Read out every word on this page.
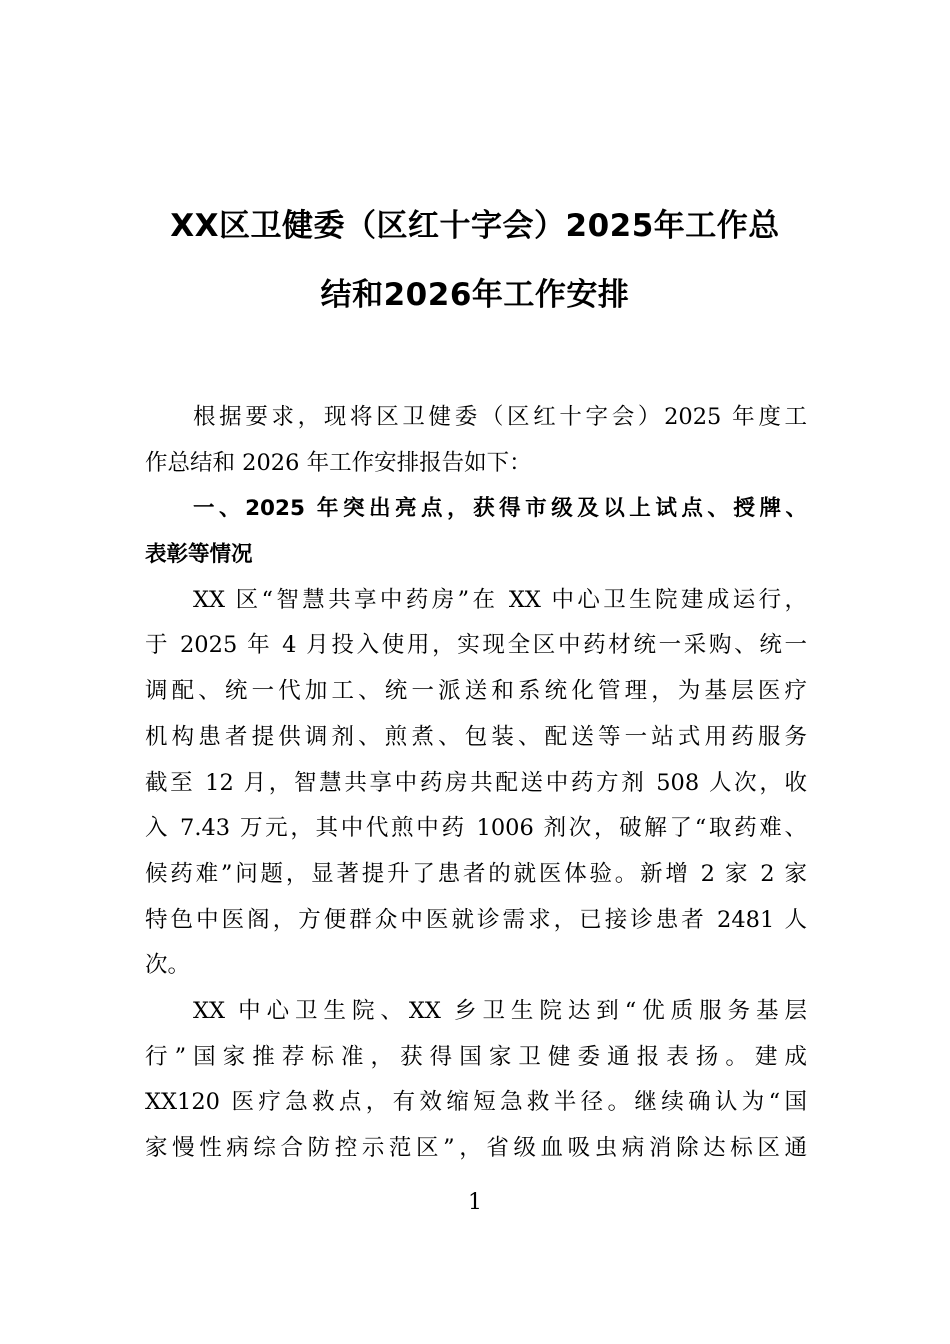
XX区卫健委（区红十字会）2025年工作总
结和2026年工作安排
根据要求，现将区卫健委（区红十字会）2025 年度工
作总结和 2026 年工作安排报告如下：
一、2025 年突出亮点，获得市级及以上试点、授牌、
表彰等情况
XX 区“智慧共享中药房”在 XX 中心卫生院建成运行，
于 2025 年 4 月投入使用，实现全区中药材统一采购、统一
调配、统一代加工、统一派送和系统化管理，为基层医疗
机构患者提供调剂、煎煮、包装、配送等一站式用药服务
截至 12 月，智慧共享中药房共配送中药方剂 508 人次，收
入 7.43 万元，其中代煎中药 1006 剂次，破解了“取药难、
候药难”问题，显著提升了患者的就医体验。新增 2 家 2 家
特色中医阁，方便群众中医就诊需求，已接诊患者 2481 人
次。
XX 中心卫生院、XX 乡卫生院达到“优质服务基层
行”国家推荐标准，获得国家卫健委通报表扬。建成
XX120 医疗急救点，有效缩短急救半径。继续确认为“国
家慢性病综合防控示范区”，省级血吸虫病消除达标区通
1
